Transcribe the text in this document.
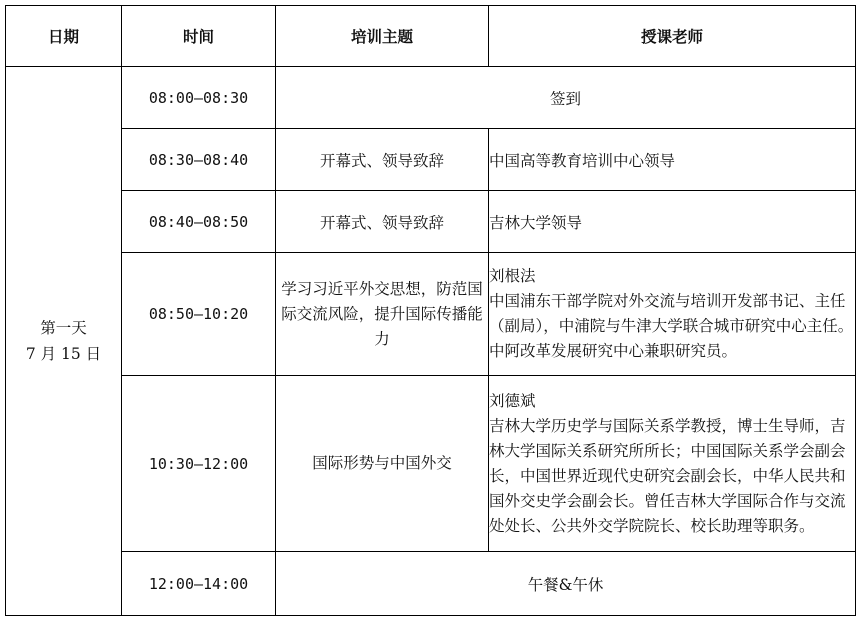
日期	时间	培训主题	授课老师
第一天
7 月 15 日	08:00—08:30	签到	
	08:30—08:40	开幕式、领导致辞	中国高等教育培训中心领导
	08:40—08:50	开幕式、领导致辞	吉林大学领导
	08:50—10:20	学习习近平外交思想，防范国际交流风险，提升国际传播能力	刘根法
中国浦东干部学院对外交流与培训开发部书记、主任（副局），中浦院与牛津大学联合城市研究中心主任。中阿改革发展研究中心兼职研究员。

	10:30—12:00	国际形势与中国外交	刘德斌
吉林大学历史学与国际关系学教授，博士生导师，吉林大学国际关系研究所所长；中国国际关系学会副会长，中国世界近现代史研究会副会长，中华人民共和国外交史学会副会长。曾任吉林大学国际合作与交流处处长、公共外交学院院长、校长助理等职务。

	12:00—14:00	午餐&午休	
